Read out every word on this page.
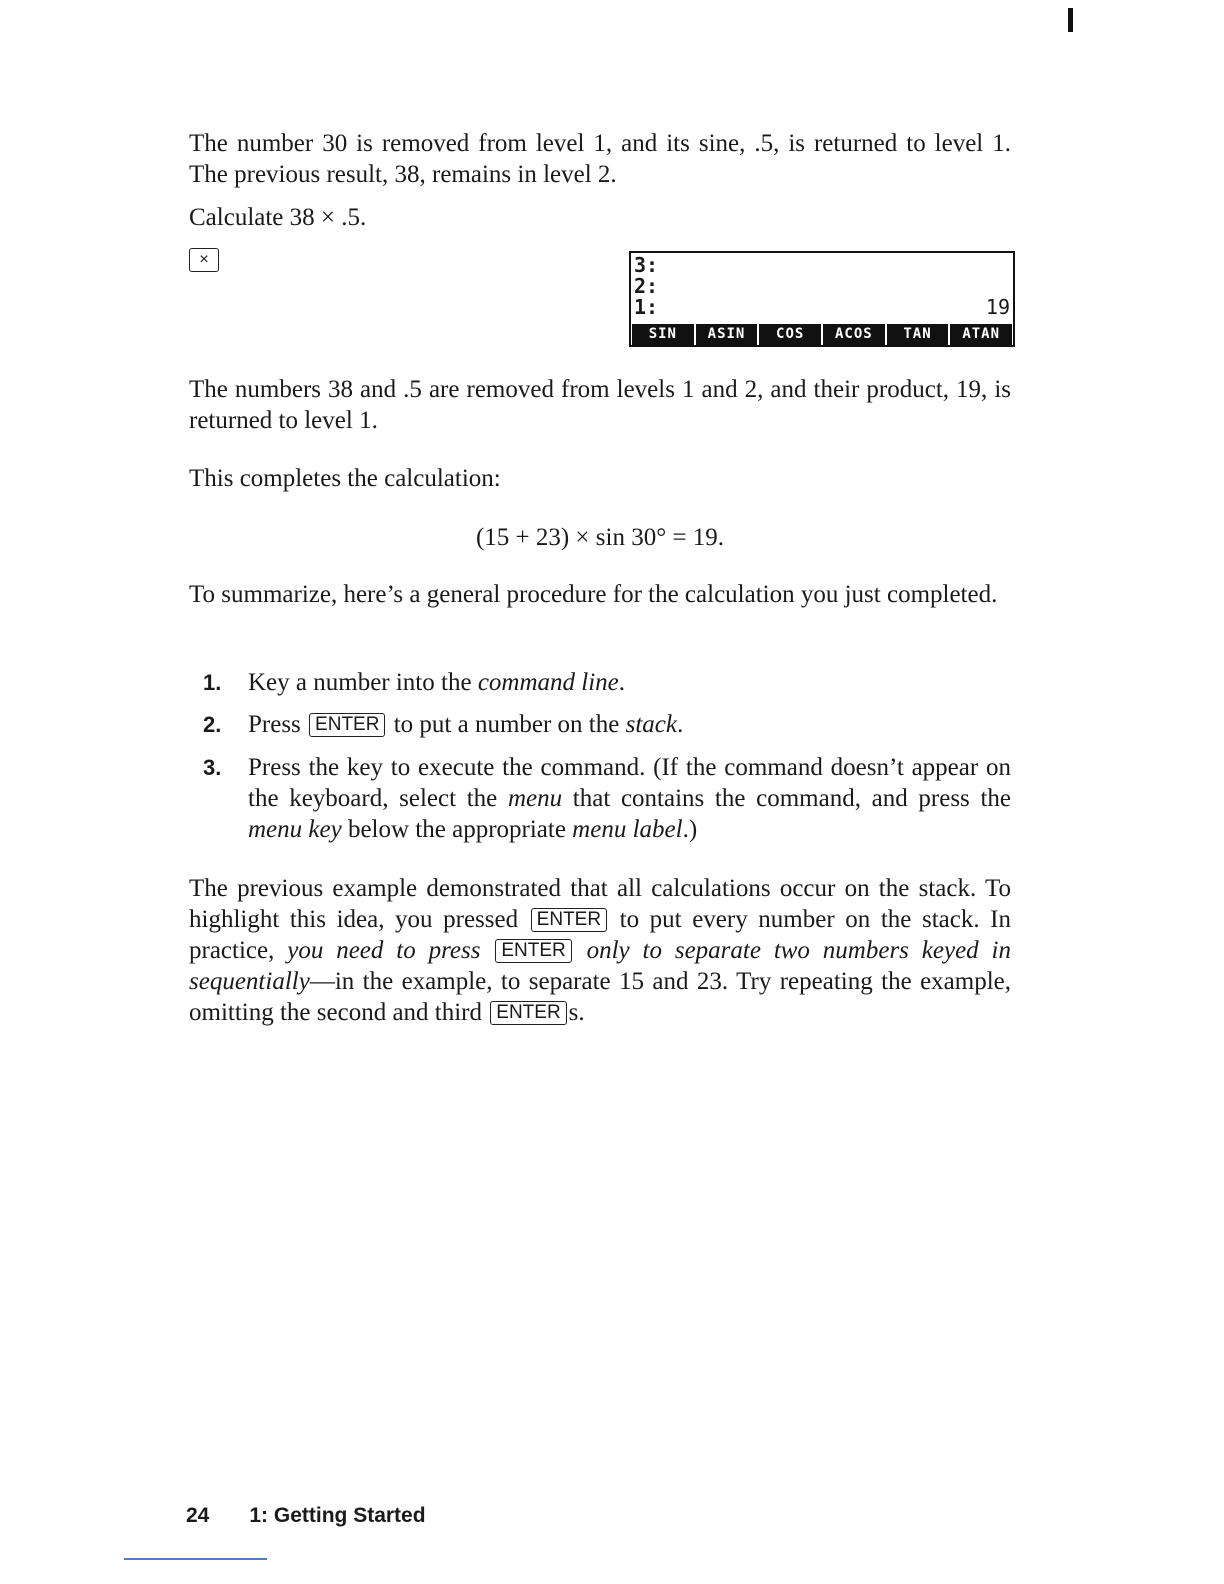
The number 30 is removed from level 1, and its sine, .5, is returned to level 1. The previous result, 38, remains in level 2.

Calculate 38 × .5.

×	3:
2:
1:	19
SIN	ASIN	COS	ACOS	TAN	ATAN

The numbers 38 and .5 are removed from levels 1 and 2, and their product, 19, is returned to level 1.

This completes the calculation:

(15 + 23) × sin 30° = 19.

To summarize, here’s a general procedure for the calculation you just completed.

1. Key a number into the command line.
2. Press ENTER to put a number on the stack.
3. Press the key to execute the command. (If the command doesn’t appear on the keyboard, select the menu that contains the command, and press the menu key below the appropriate menu label.)

The previous example demonstrated that all calculations occur on the stack. To highlight this idea, you pressed ENTER to put every number on the stack. In practice, you need to press ENTER only to separate two numbers keyed in sequentially—in the example, to separate 15 and 23. Try repeating the example, omitting the second and third ENTER s.

24 1: Getting Started
